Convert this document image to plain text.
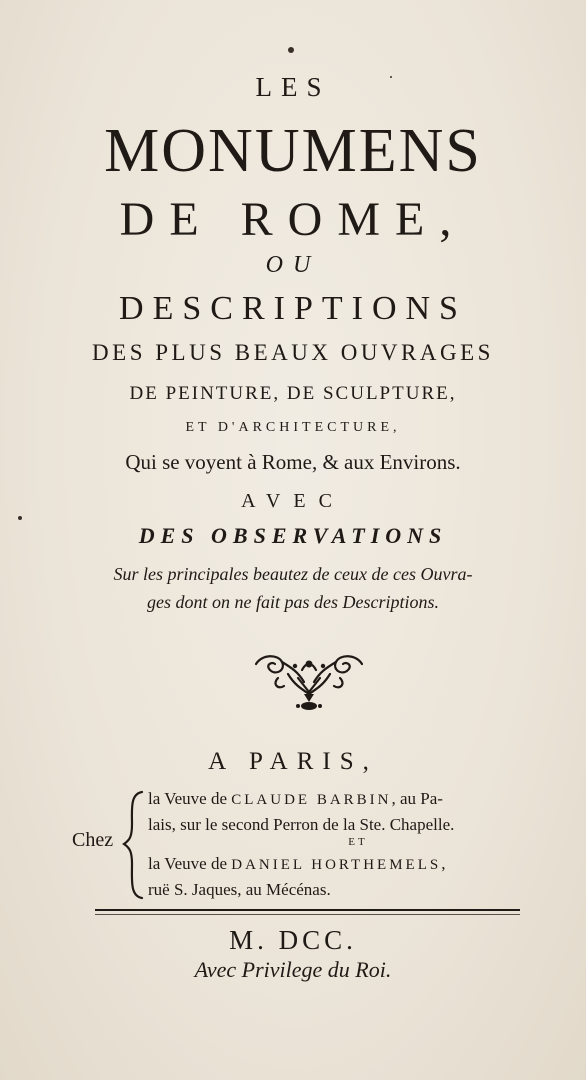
LES
MONUMENS
DE ROME,
OU
DESCRIPTIONS
DES PLUS BEAUX OUVRAGES
DE PEINTURE, DE SCULPTURE,
ET D'ARCHITECTURE,
Qui se voyent à Rome, & aux Environs.
AVEC
DES OBSERVATIONS
Sur les principales beautez de ceux de ces Ouvra-
ges dont on ne fait pas des Descriptions.
A PARIS,
Chez
la Veuve de CLAUDE BARBIN, au Pa-
lais, sur le second Perron de la Ste. Chapelle.
ET
la Veuve de DANIEL HORTHEMELS,
ruë S. Jaques, au Mécénas.
M. DCC.
Avec Privilege du Roi.
